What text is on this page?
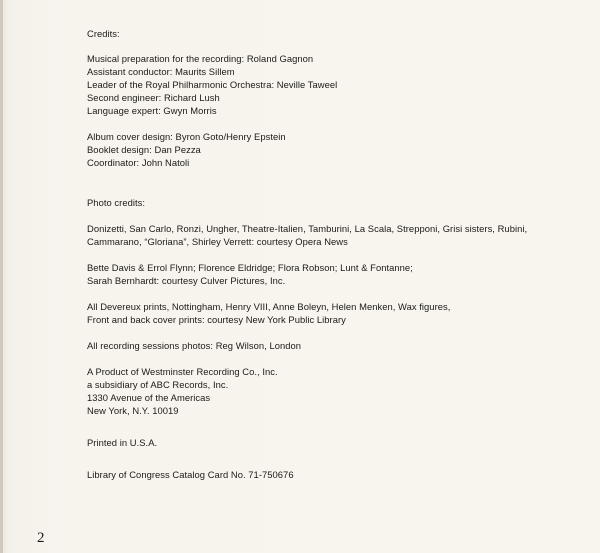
Credits:
Musical preparation for the recording: Roland Gagnon
Assistant conductor: Maurits Sillem
Leader of the Royal Philharmonic Orchestra: Neville Taweel
Second engineer: Richard Lush
Language expert: Gwyn Morris
Album cover design: Byron Goto/Henry Epstein
Booklet design: Dan Pezza
Coordinator: John Natoli
Photo credits:
Donizetti, San Carlo, Ronzi, Ungher, Theatre-Italien, Tamburini, La Scala, Strepponi, Grisi sisters, Rubini,
Cammarano, “Gloriana”, Shirley Verrett: courtesy Opera News
Bette Davis & Errol Flynn; Florence Eldridge; Flora Robson; Lunt & Fontanne;
Sarah Bernhardt: courtesy Culver Pictures, Inc.
All Devereux prints, Nottingham, Henry VIII, Anne Boleyn, Helen Menken, Wax figures,
Front and back cover prints: courtesy New York Public Library
All recording sessions photos: Reg Wilson, London
A Product of Westminster Recording Co., Inc.
a subsidiary of ABC Records, Inc.
1330 Avenue of the Americas
New York, N.Y. 10019
Printed in U.S.A.
Library of Congress Catalog Card No. 71-750676
2
